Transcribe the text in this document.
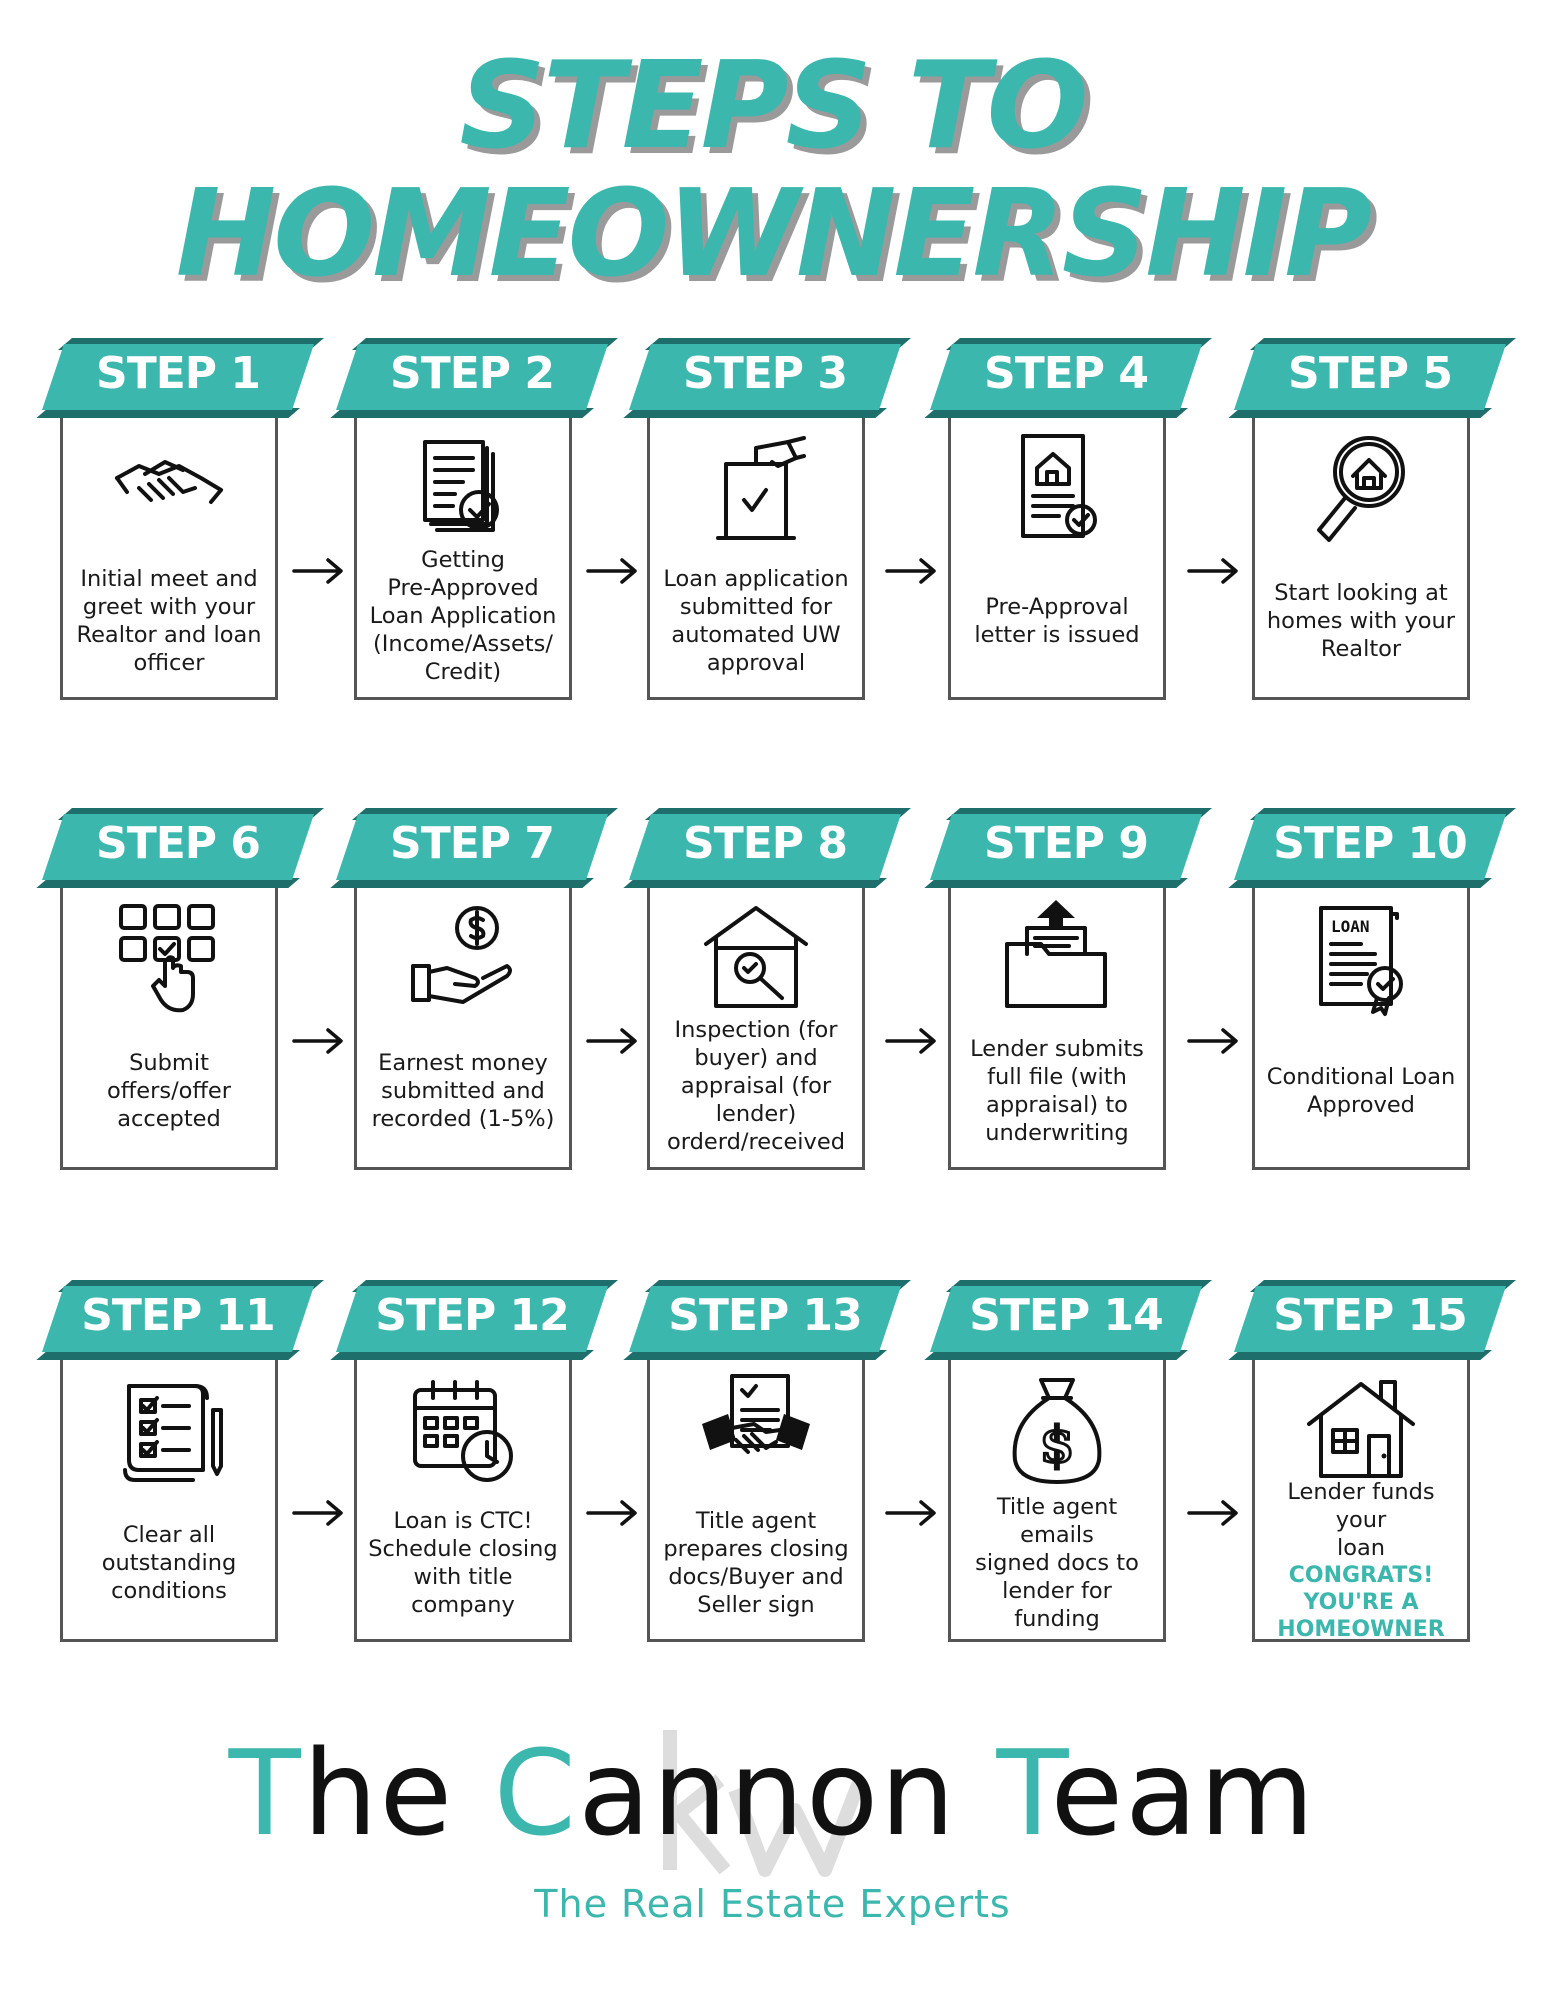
STEPS TO
HOMEOWNERSHIP
Initial meet and
greet with your
Realtor and loan
officer
STEP 1
Getting
Pre-Approved
Loan Application
(Income/Assets/
Credit)
STEP 2
Loan application
submitted for
automated UW
approval
STEP 3
Pre-Approval
letter is issued
STEP 4
Start looking at
homes with your
Realtor
STEP 5
Submit
offers/offer
accepted
STEP 6
Earnest money
submitted and
recorded (1-5%)
STEP 7
Inspection (for
buyer) and
appraisal (for
lender)
orderd/received
STEP 8
Lender submits
full file (with
appraisal) to
underwriting
STEP 9
LOAN
Conditional Loan
Approved
STEP 10
Clear all
outstanding
conditions
STEP 11
Loan is CTC!
Schedule closing
with title
company
STEP 12
Title agent
prepares closing
docs/Buyer and
Seller sign
STEP 13
$
Title agent emails
signed docs to
lender for funding
STEP 14
Lender funds your
loan
CONGRATS!
YOU'RE A
HOMEOWNER
STEP 15
The Cannon Team
The Real Estate Experts
